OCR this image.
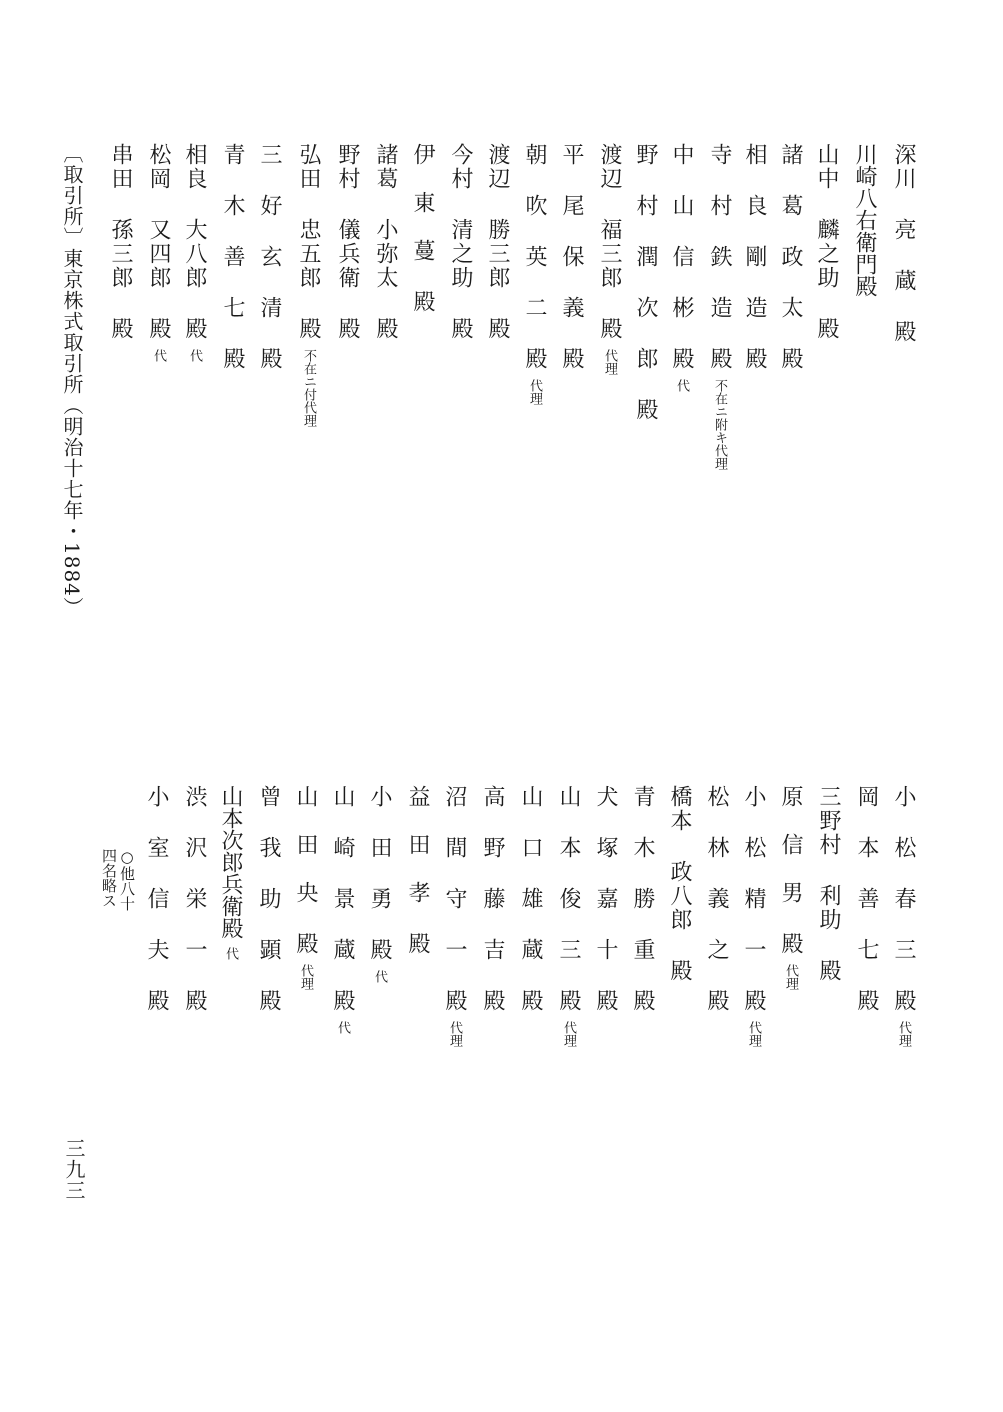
深川 亮 蔵 殿

川崎八右衛門殿

山中 麟之助 殿

諸 葛 政 太 殿

相 良 剛 造 殿

寺 村 鉄 造 殿不在ニ附キ代理

中 山 信 彬 殿代

野 村 潤 次 郎 殿

渡辺 福三郎 殿代理

平 尾 保 義 殿

朝 吹 英 二 殿代理

渡辺 勝三郎 殿

今村 清之助 殿

伊　東　蔓 殿

諸葛 小弥太 殿

野村 儀兵衛 殿

弘田 忠五郎 殿不在ニ付代理

三 好 玄 清 殿

青 木 善 七 殿

相良 大八郎 殿代

松岡 又四郎 殿代

串田 孫三郎 殿

小 松 春 三 殿代理

岡 本 善 七 殿

三野村 利助 殿

原　信　男 殿代理

小 松 精 一 殿代理

松 林 義 之 殿

橋本 政八郎 殿

青 木 勝 重 殿

犬 塚 嘉 十 殿

山 本 俊 三 殿代理

山 口 雄 蔵 殿

高 野 藤 吉 殿

沼 間 守 一 殿代理

益　田　孝 殿

小 田 勇 殿代

山 崎 景 蔵 殿代

山　田　央 殿代理

曾 我 助 顕 殿

山本次郎兵衛殿代

渋 沢 栄 一 殿

小 室 信 夫 殿

○他八十
四名略ス
〔取引所〕東京株式取引所（明治十七年・1884）
三九三
